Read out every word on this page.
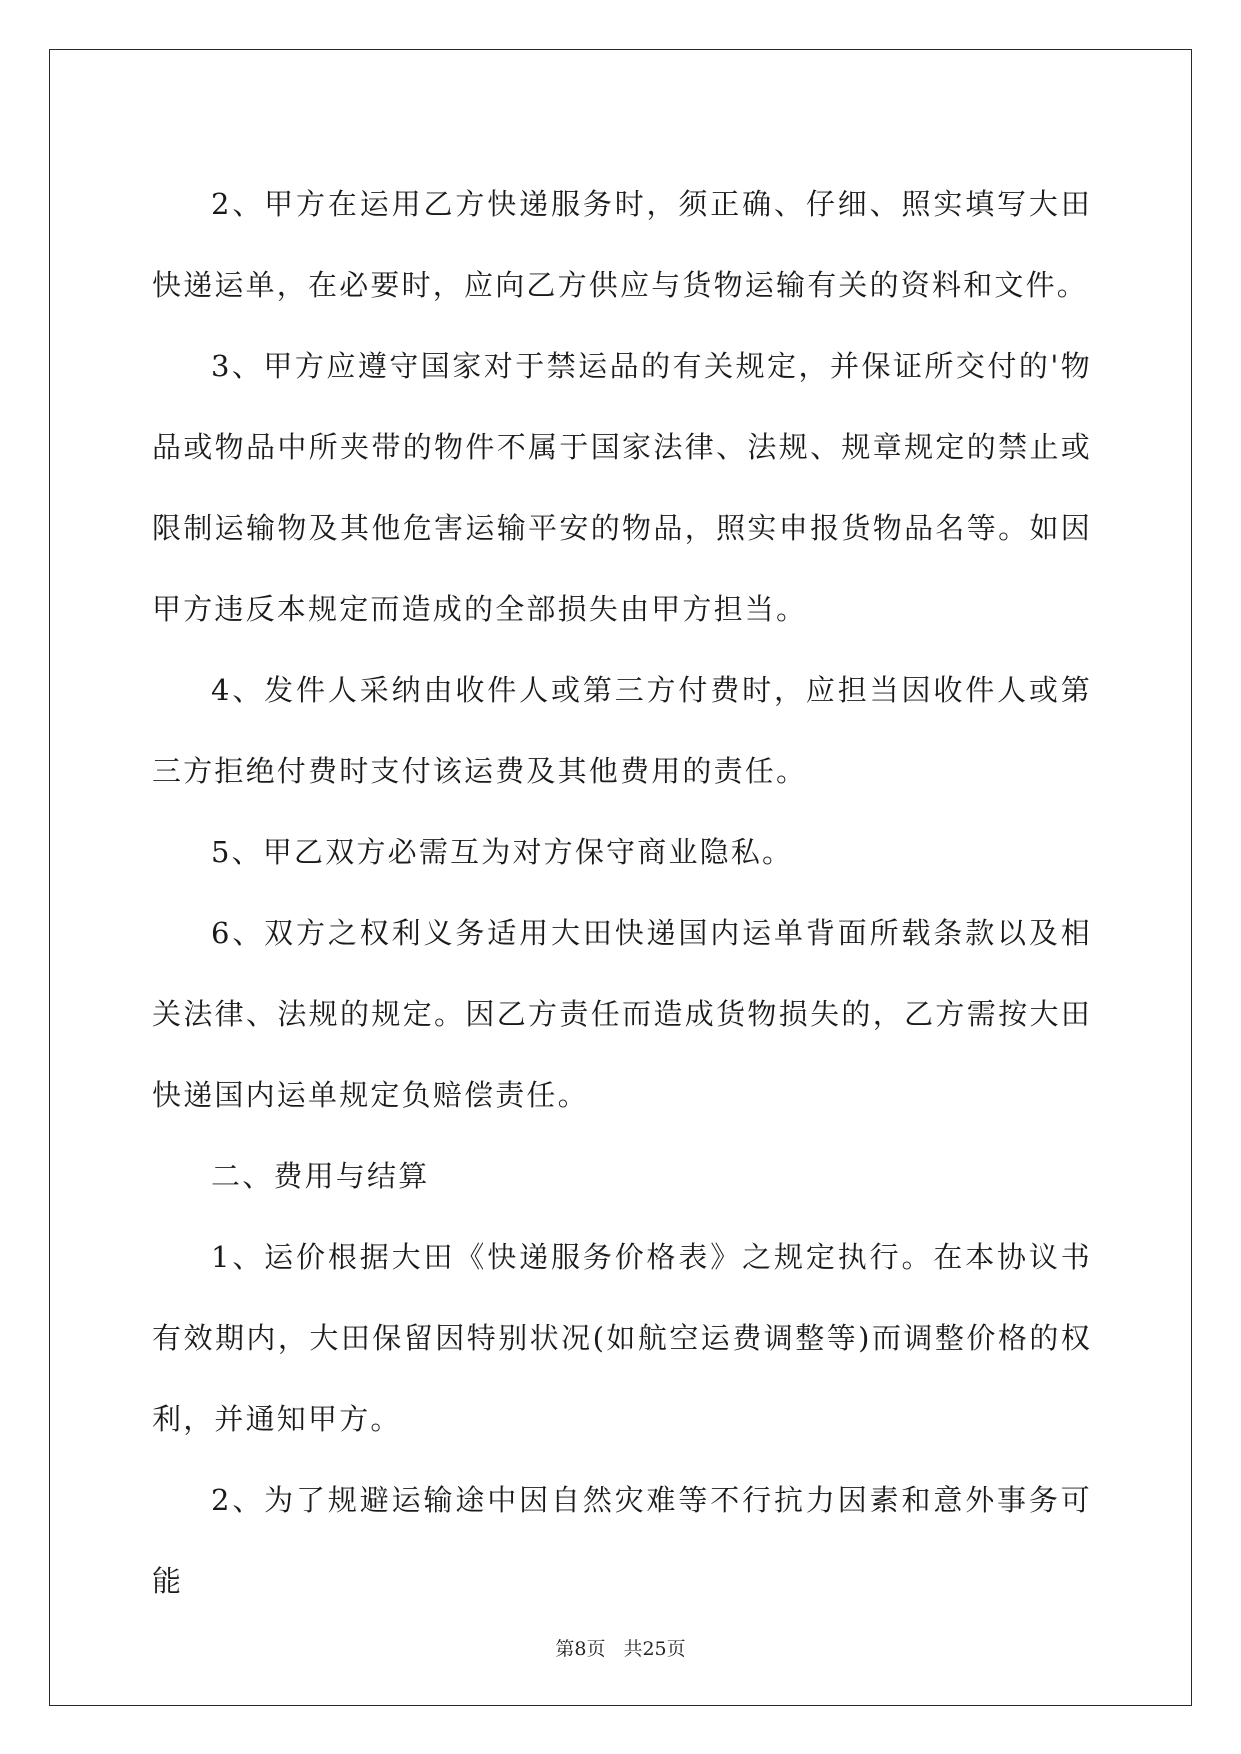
2、甲方在运用乙方快递服务时，须正确、仔细、照实填写大田快递运单，在必要时，应向乙方供应与货物运输有关的资料和文件。

3、甲方应遵守国家对于禁运品的有关规定，并保证所交付的'物品或物品中所夹带的物件不属于国家法律、法规、规章规定的禁止或限制运输物及其他危害运输平安的物品，照实申报货物品名等。如因甲方违反本规定而造成的全部损失由甲方担当。

4、发件人采纳由收件人或第三方付费时，应担当因收件人或第三方拒绝付费时支付该运费及其他费用的责任。

5、甲乙双方必需互为对方保守商业隐私。

6、双方之权利义务适用大田快递国内运单背面所载条款以及相关法律、法规的规定。因乙方责任而造成货物损失的，乙方需按大田快递国内运单规定负赔偿责任。

二、费用与结算

1、运价根据大田《快递服务价格表》之规定执行。在本协议书有效期内，大田保留因特别状况(如航空运费调整等)而调整价格的权利，并通知甲方。

2、为了规避运输途中因自然灾难等不行抗力因素和意外事务可能

第8页 共25页
